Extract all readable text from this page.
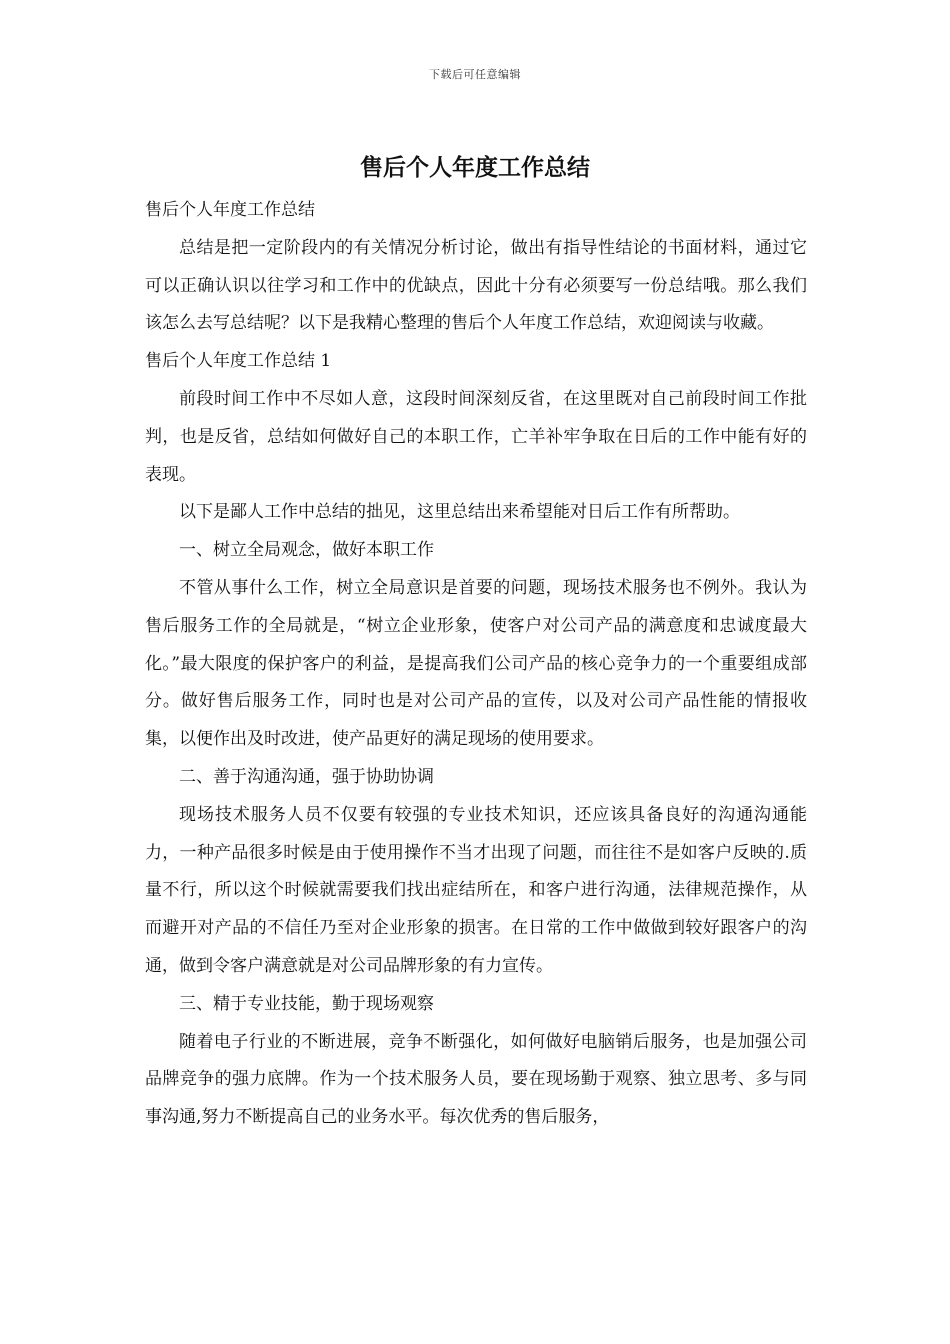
下载后可任意编辑
售后个人年度工作总结

售后个人年度工作总结

总结是把一定阶段内的有关情况分析讨论，做出有指导性结论的书面材料，通过它可以正确认识以往学习和工作中的优缺点，因此十分有必须要写一份总结哦。那么我们该怎么去写总结呢？以下是我精心整理的售后个人年度工作总结，欢迎阅读与收藏。

售后个人年度工作总结 1

前段时间工作中不尽如人意，这段时间深刻反省，在这里既对自己前段时间工作批判，也是反省，总结如何做好自己的本职工作，亡羊补牢争取在日后的工作中能有好的表现。

以下是鄙人工作中总结的拙见，这里总结出来希望能对日后工作有所帮助。

一、树立全局观念，做好本职工作

不管从事什么工作，树立全局意识是首要的问题，现场技术服务也不例外。我认为售后服务工作的全局就是，“树立企业形象，使客户对公司产品的满意度和忠诚度最大化。”最大限度的保护客户的利益，是提高我们公司产品的核心竞争力的一个重要组成部分。做好售后服务工作，同时也是对公司产品的宣传，以及对公司产品性能的情报收集，以便作出及时改进，使产品更好的满足现场的使用要求。

二、善于沟通沟通，强于协助协调

现场技术服务人员不仅要有较强的专业技术知识，还应该具备良好的沟通沟通能力，一种产品很多时候是由于使用操作不当才出现了问题，而往往不是如客户反映的.质量不行，所以这个时候就需要我们找出症结所在，和客户进行沟通，法律规范操作，从而避开对产品的不信任乃至对企业形象的损害。在日常的工作中做做到较好跟客户的沟通，做到令客户满意就是对公司品牌形象的有力宣传。

三、精于专业技能，勤于现场观察

随着电子行业的不断进展，竞争不断强化，如何做好电脑销后服务，也是加强公司品牌竞争的强力底牌。作为一个技术服务人员，要在现场勤于观察、独立思考、多与同事沟通,努力不断提高自己的业务水平。每次优秀的售后服务，
